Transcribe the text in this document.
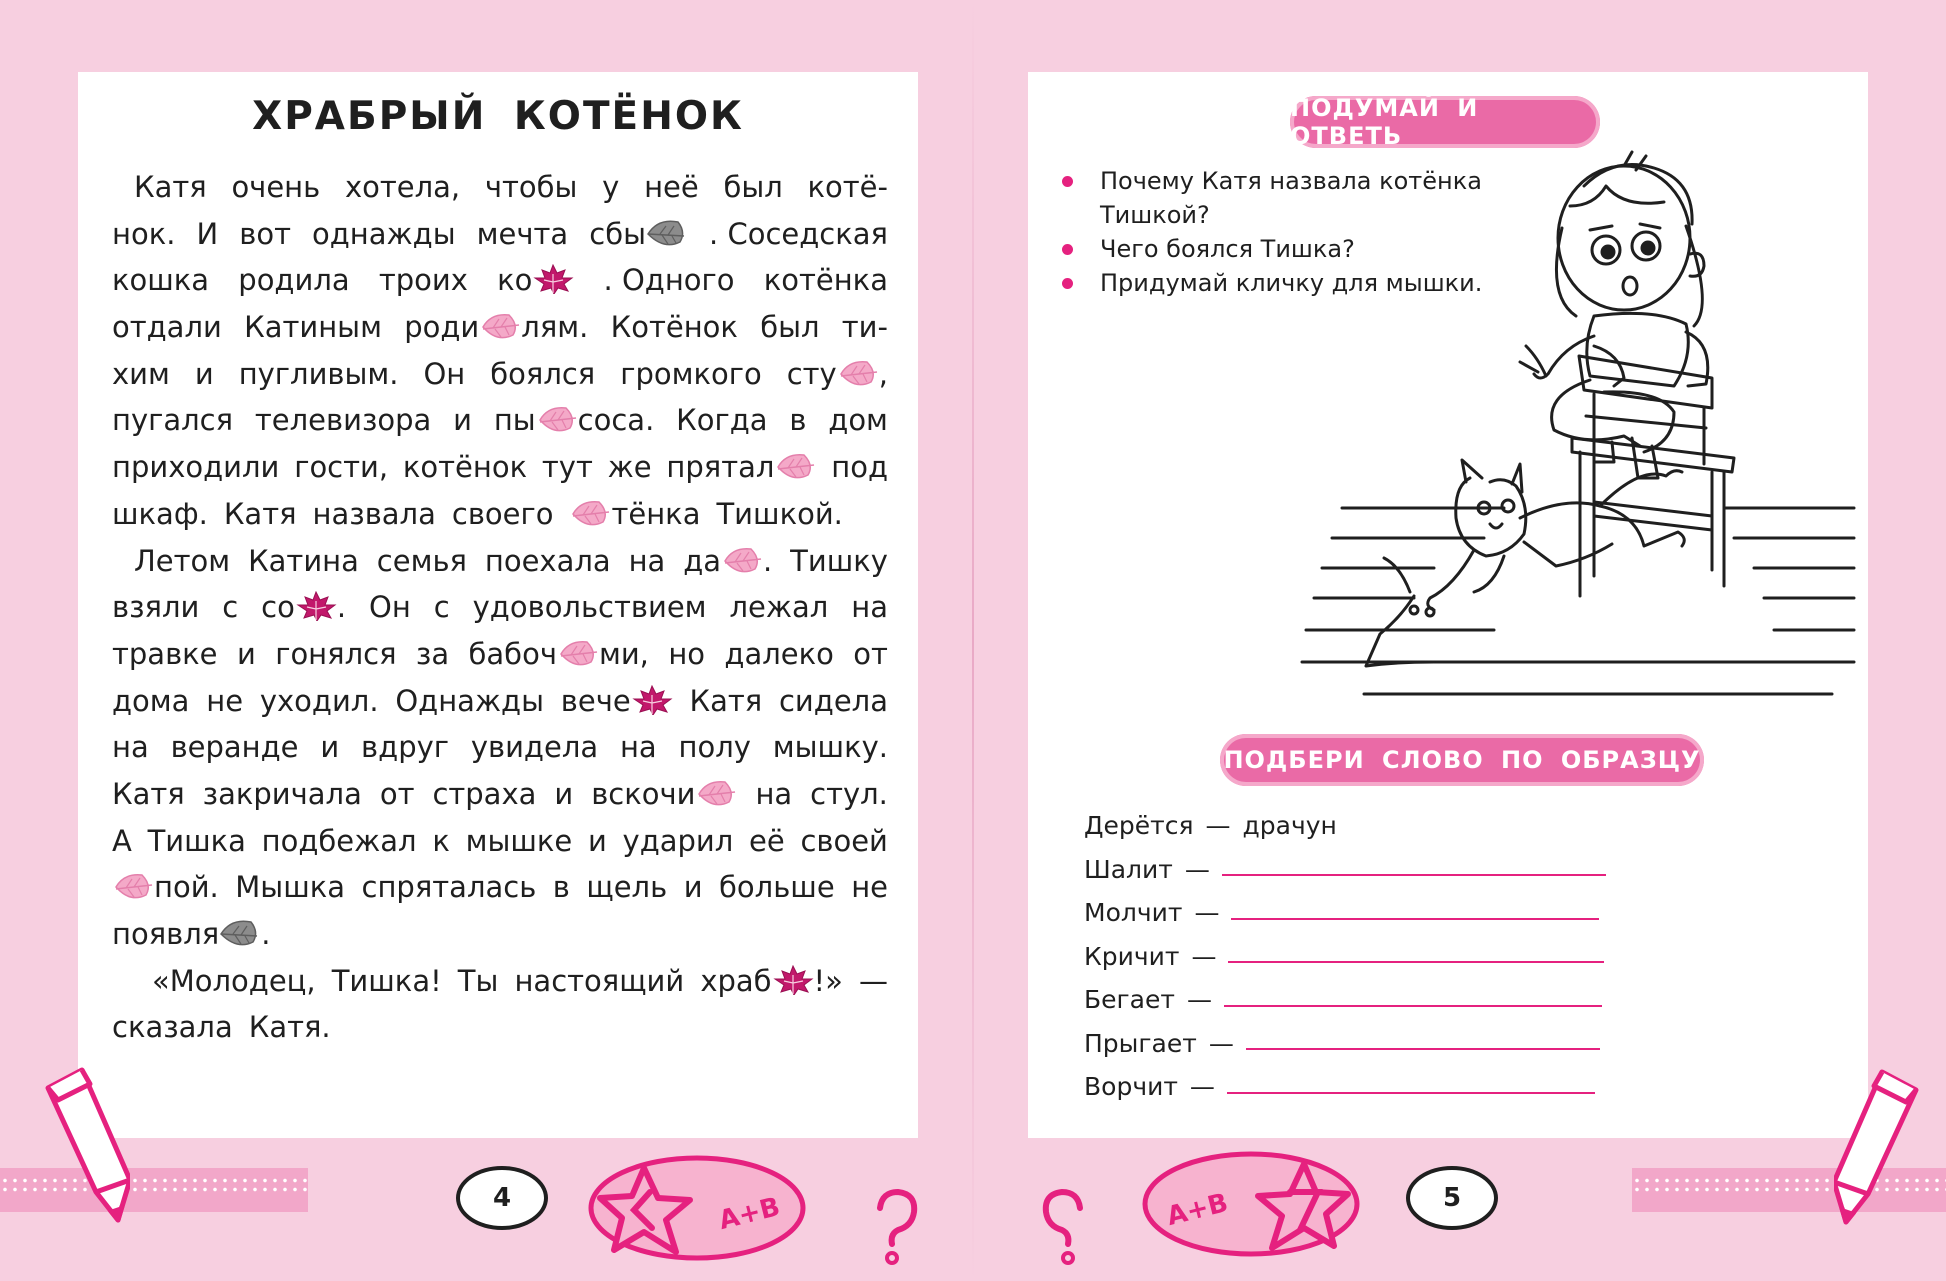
ХРАБРЫЙ КОТЁНОК
Катя очень хотела, чтобы у неё был котё-
нок. И вот однажды мечта сбы	. Соседская
кошка родила троих ко	. Одного котёнка
отдали Катиным роди лям. Котёнок был ти-
хим и пугливым. Он боялся громкого сту ,
пугался телевизора и пы соса. Когда в дом
приходили гости, котёнок тут же прятал	под
шкаф. Катя назвала своего	тёнка Тишкой.
Летом Катина семья поехала на да . Тишку
взяли с со . Он с удовольствием лежал на
травке и гонялся за бабоч ми, но далеко от
дома не уходил. Однажды вече	Катя сидела
на веранде и вдруг увидела на полу мышку.
Катя закричала от страха и вскочи	на стул.
А Тишка подбежал к мышке и ударил её своей
пой. Мышка спряталась в щель и больше не
появля .
«Молодец, Тишка! Ты настоящий храб !» —
сказала Катя.
ПОДУМАЙ И ОТВЕТЬ
Почему Катя назвала котёнка Тишкой?
Чего боялся Тишка?
Придумай кличку для мышки.
ПОДБЕРИ СЛОВО ПО ОБРАЗЦУ
Дерётся — драчун
Шалит —
Молчит —
Кричит —
Бегает —
Прыгает —
Ворчит —
4	5
A+B	A+B
